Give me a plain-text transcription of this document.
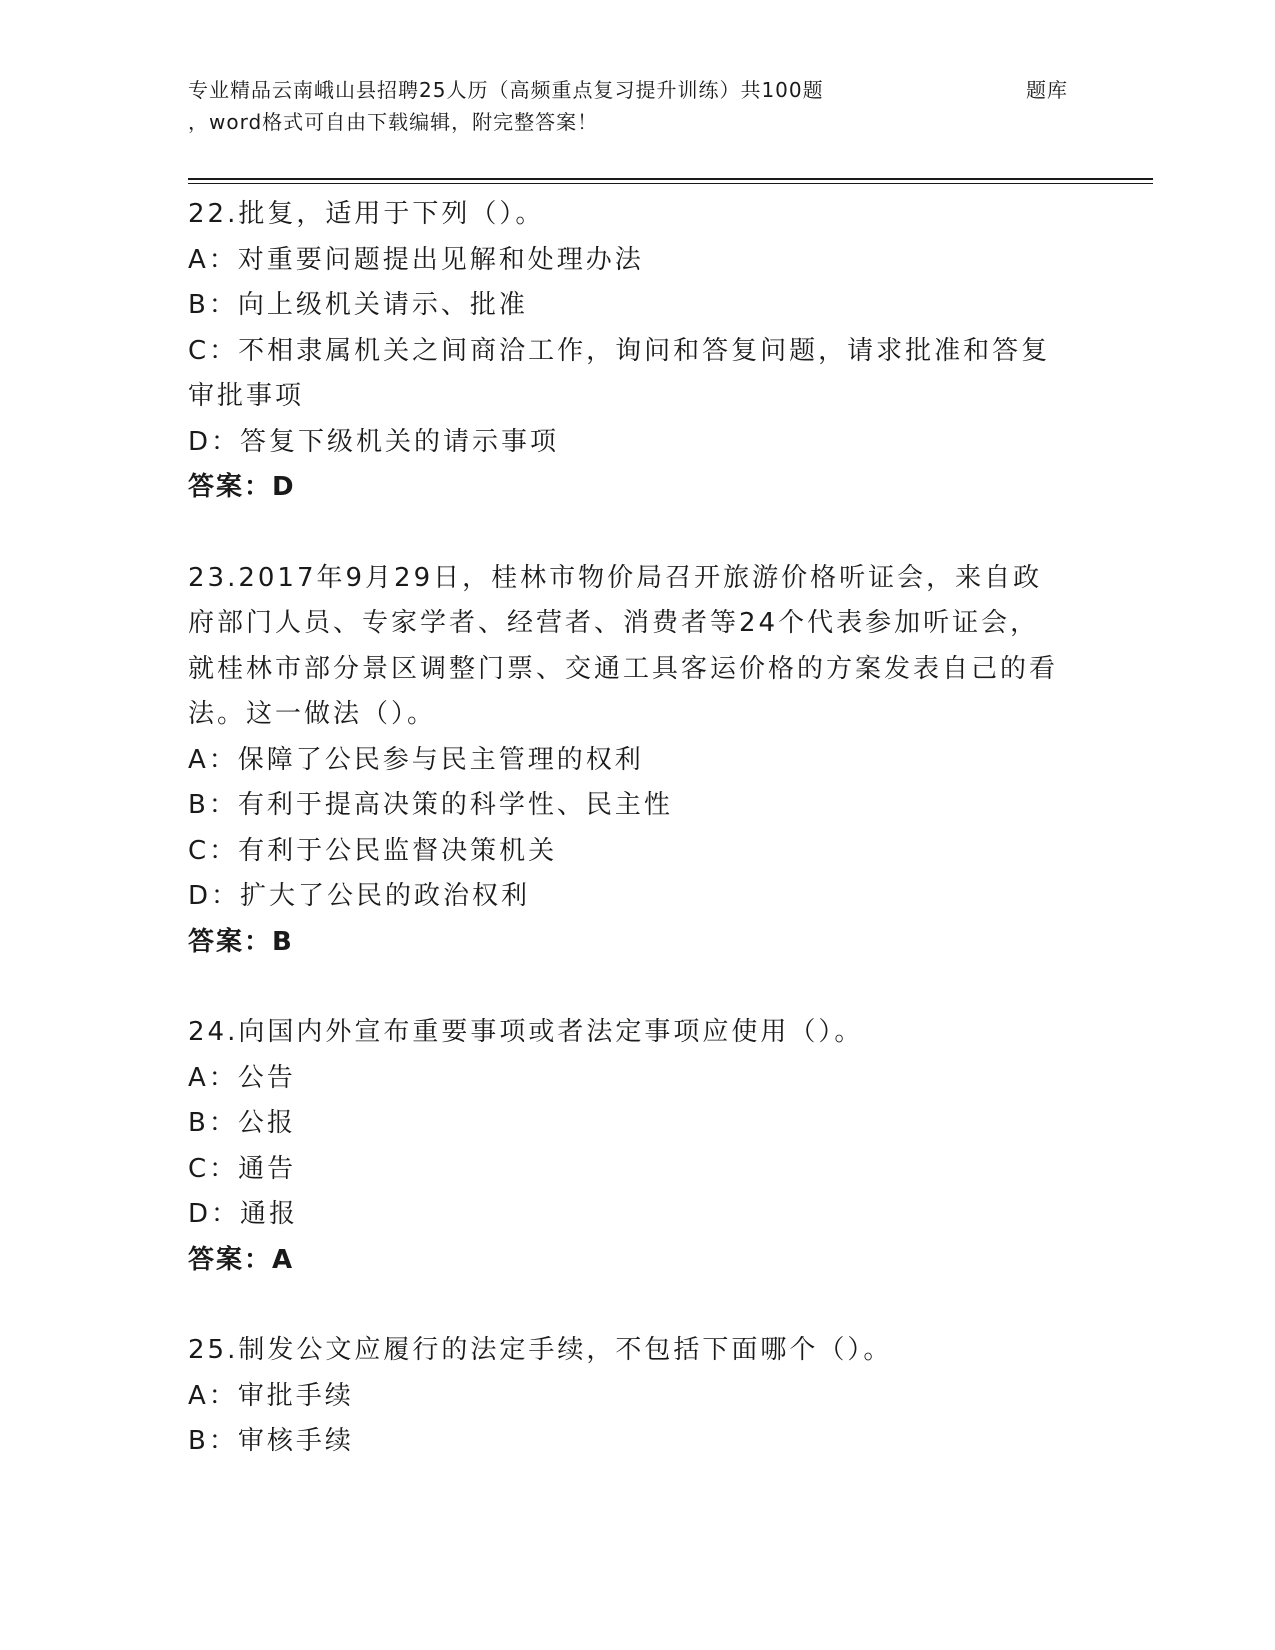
专业精品云南峨山县招聘25人历（高频重点复习提升训练）共100题	题库
，word格式可自由下载编辑，附完整答案！

22.批复，适用于下列（）。

A：对重要问题提出见解和处理办法

B：向上级机关请示、批准

C：不相隶属机关之间商洽工作，询问和答复问题，请求批准和答复审批事项

D：答复下级机关的请示事项

答案：D

23.2017年9月29日，桂林市物价局召开旅游价格听证会，来自政府部门人员、专家学者、经营者、消费者等24个代表参加听证会，就桂林市部分景区调整门票、交通工具客运价格的方案发表自己的看法。这一做法（）。

A：保障了公民参与民主管理的权利

B：有利于提高决策的科学性、民主性

C：有利于公民监督决策机关

D：扩大了公民的政治权利

答案：B

24.向国内外宣布重要事项或者法定事项应使用（）。

A：公告

B：公报

C：通告

D：通报

答案：A

25.制发公文应履行的法定手续，不包括下面哪个（）。

A：审批手续

B：审核手续
